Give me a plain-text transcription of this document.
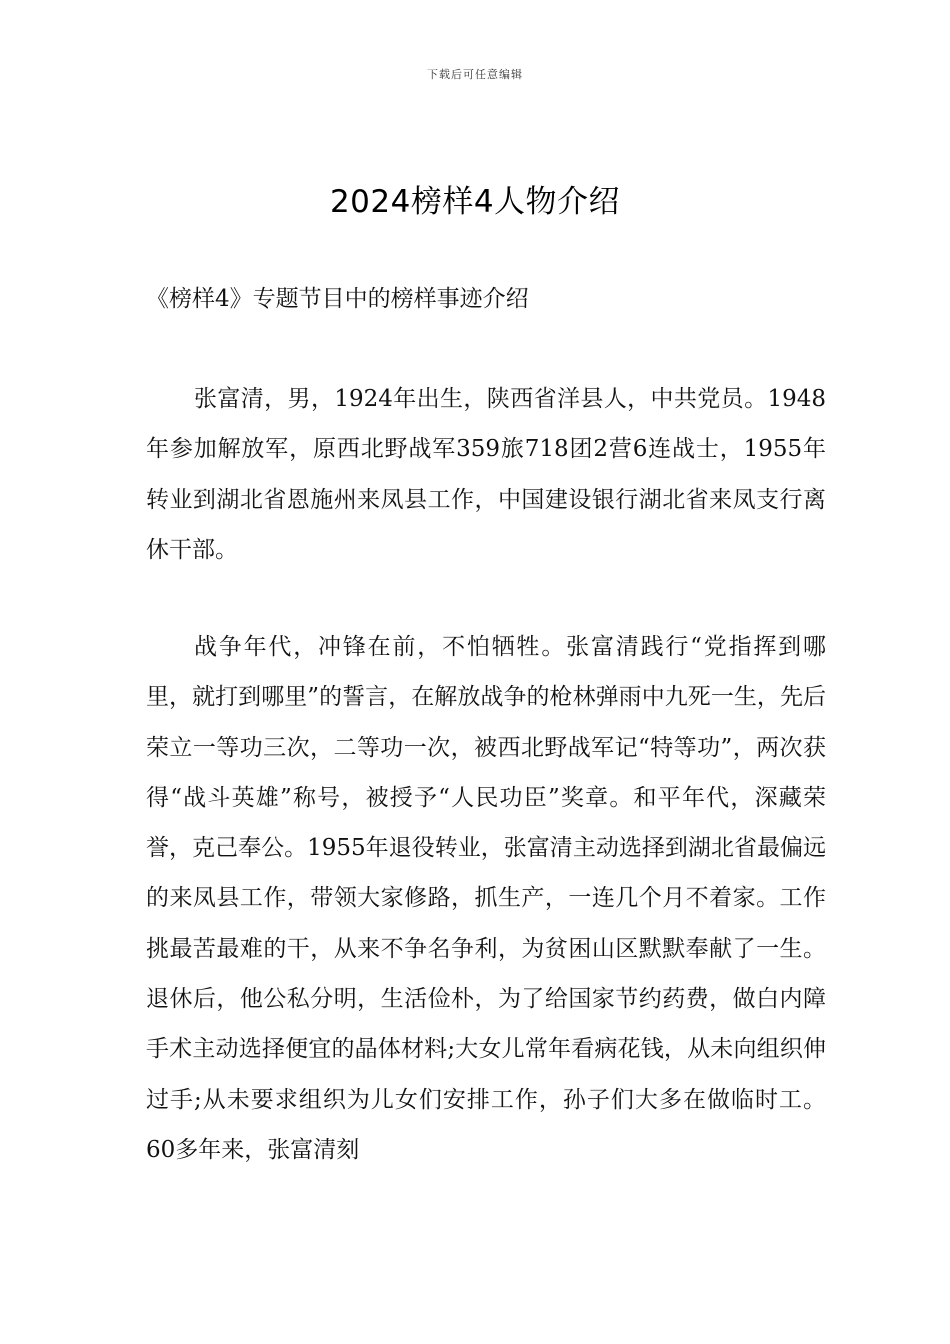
下载后可任意编辑
2024榜样4人物介绍
《榜样4》专题节目中的榜样事迹介绍

张富清，男，1924年出生，陕西省洋县人，中共党员。1948年参加解放军，原西北野战军359旅718团2营6连战士，1955年转业到湖北省恩施州来凤县工作，中国建设银行湖北省来凤支行离休干部。

战争年代，冲锋在前，不怕牺牲。张富清践行“党指挥到哪里，就打到哪里”的誓言，在解放战争的枪林弹雨中九死一生，先后荣立一等功三次，二等功一次，被西北野战军记“特等功”，两次获得“战斗英雄”称号，被授予“人民功臣”奖章。和平年代，深藏荣誉，克己奉公。1955年退役转业，张富清主动选择到湖北省最偏远的来凤县工作，带领大家修路，抓生产，一连几个月不着家。工作挑最苦最难的干，从来不争名争利，为贫困山区默默奉献了一生。退休后，他公私分明，生活俭朴，为了给国家节约药费，做白内障手术主动选择便宜的晶体材料;大女儿常年看病花钱，从未向组织伸过手;从未要求组织为儿女们安排工作，孙子们大多在做临时工。60多年来，张富清刻
